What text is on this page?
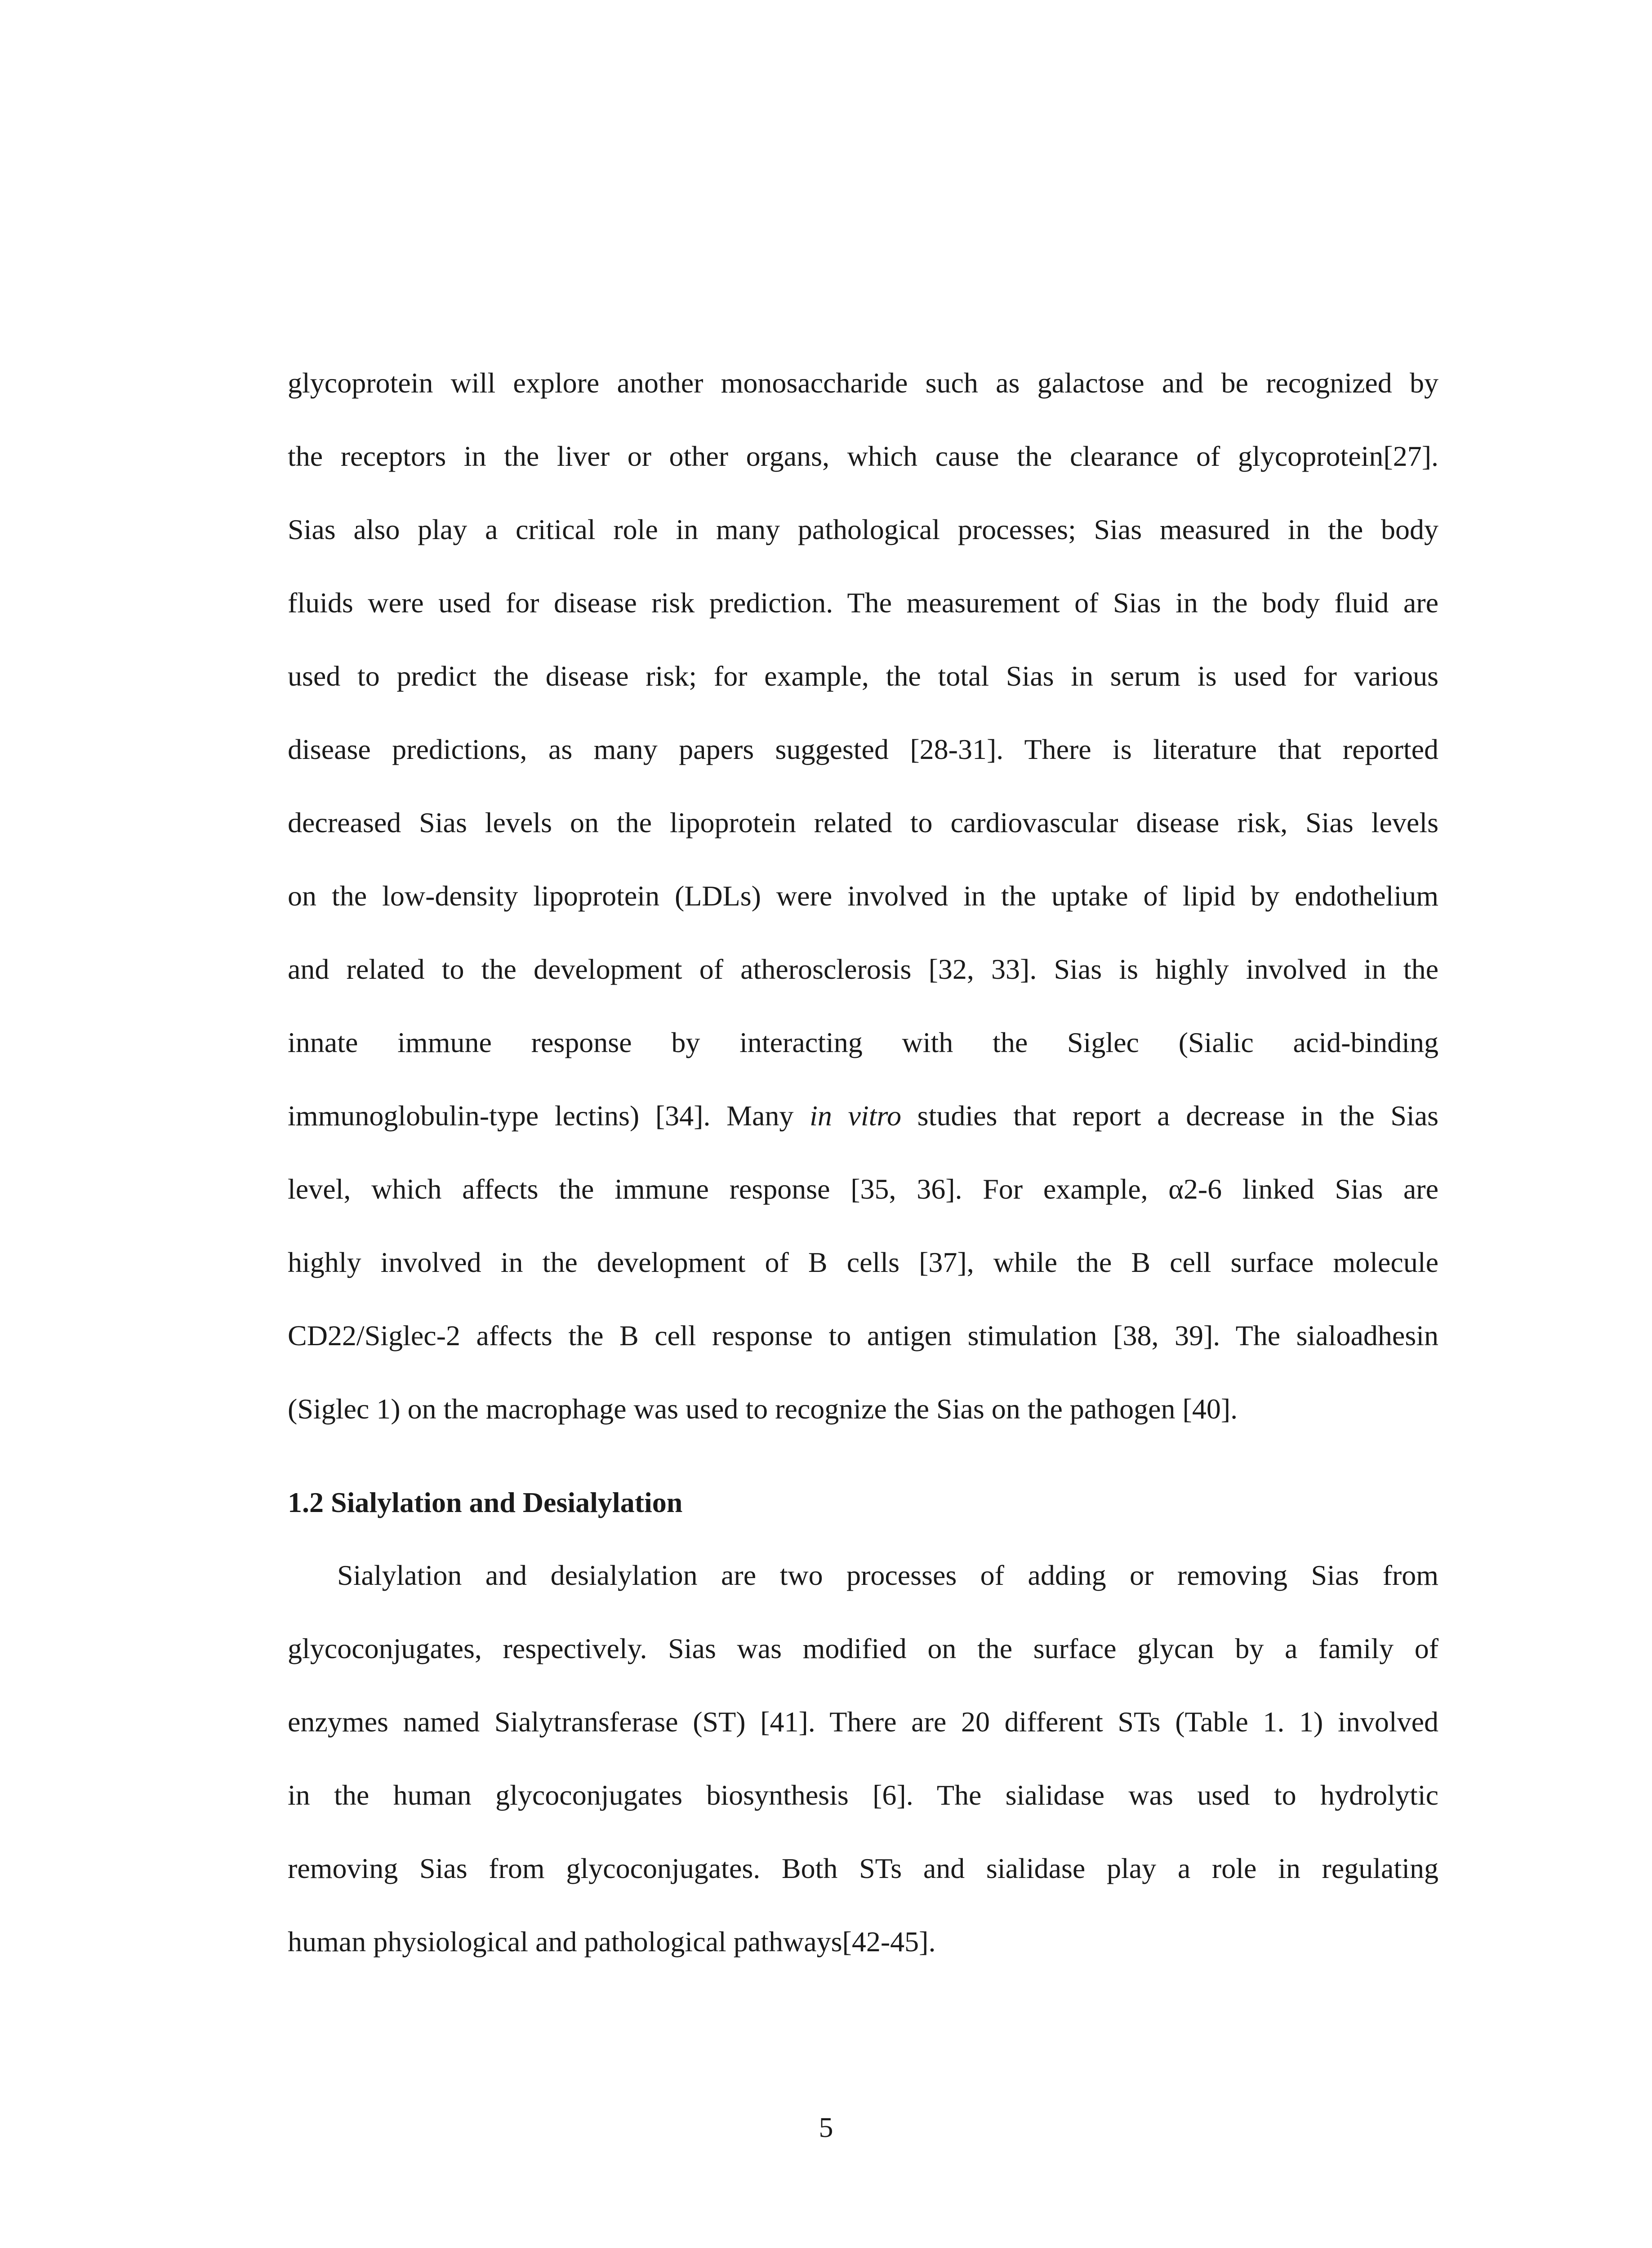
glycoprotein will explore another monosaccharide such as galactose and be recognized by
the receptors in the liver or other organs, which cause the clearance of glycoprotein[27].
Sias also play a critical role in many pathological processes; Sias measured in the body
fluids were used for disease risk prediction. The measurement of Sias in the body fluid are
used to predict the disease risk; for example, the total Sias in serum is used for various
disease predictions, as many papers suggested [28-31]. There is literature that reported
decreased Sias levels on the lipoprotein related to cardiovascular disease risk, Sias levels
on the low-density lipoprotein (LDLs) were involved in the uptake of lipid by endothelium
and related to the development of atherosclerosis [32, 33]. Sias is highly involved in the
innate immune response by interacting with the Siglec (Sialic acid-binding
immunoglobulin-type lectins) [34]. Many in vitro studies that report a decrease in the Sias
level, which affects the immune response [35, 36]. For example, α2-6 linked Sias are
highly involved in the development of B cells [37], while the B cell surface molecule
CD22/Siglec-2 affects the B cell response to antigen stimulation [38, 39]. The sialoadhesin
(Siglec 1) on the macrophage was used to recognize the Sias on the pathogen [40].
1.2 Sialylation and Desialylation
Sialylation and desialylation are two processes of adding or removing Sias from
glycoconjugates, respectively. Sias was modified on the surface glycan by a family of
enzymes named Sialytransferase (ST) [41]. There are 20 different STs (Table 1. 1) involved
in the human glycoconjugates biosynthesis [6]. The sialidase was used to hydrolytic
removing Sias from glycoconjugates. Both STs and sialidase play a role in regulating
human physiological and pathological pathways[42-45].
5
